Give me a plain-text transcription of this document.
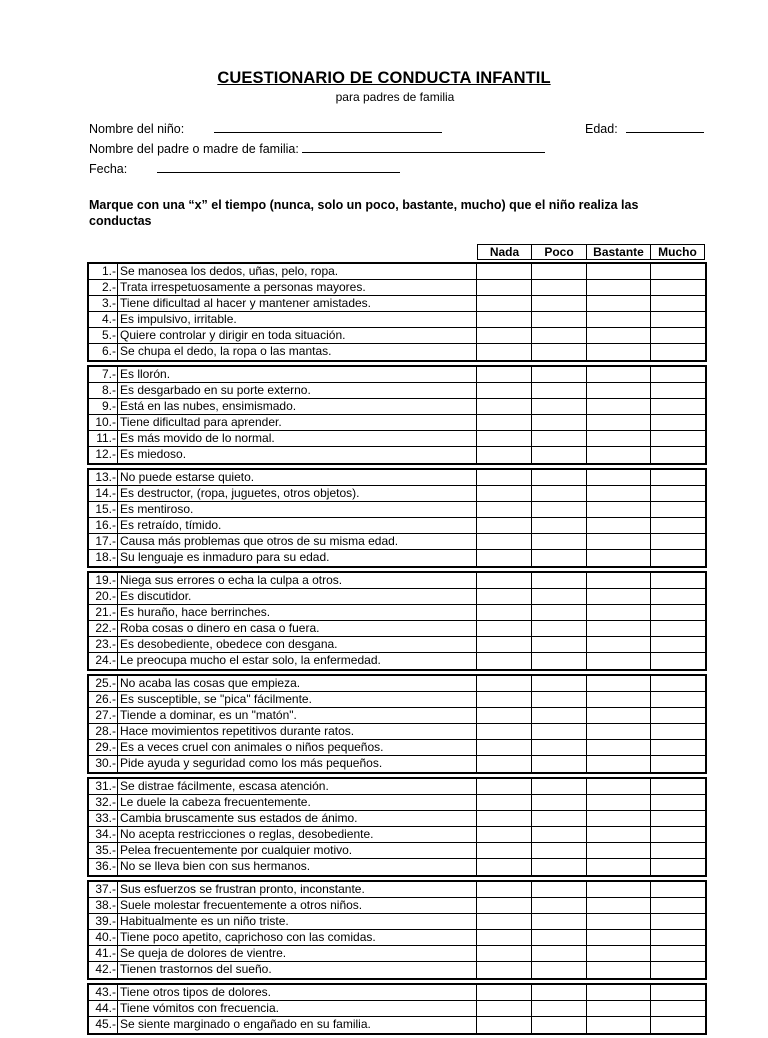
CUESTIONARIO DE CONDUCTA INFANTIL
para padres de familia
Nombre del niño:	Edad:
Nombre del padre o madre de familia:
Fecha:
Marque con una “x” el tiempo (nunca, solo un poco, bastante, mucho) que el niño realiza las conductas
Nada	Poco	Bastante	Mucho
1.- Se manosea los dedos, uñas, pelo, ropa.
2.- Trata irrespetuosamente a personas mayores.
3.- Tiene dificultad al hacer y mantener amistades.
4.- Es impulsivo, irritable.
5.- Quiere controlar y dirigir en toda situación.
6.- Se chupa el dedo, la ropa o las mantas.
7.- Es llorón.
8.- Es desgarbado en su porte externo.
9.- Está en las nubes, ensimismado.
10.- Tiene dificultad para aprender.
11.- Es más movido de lo normal.
12.- Es miedoso.
13.- No puede estarse quieto.
14.- Es destructor, (ropa, juguetes, otros objetos).
15.- Es mentiroso.
16.- Es retraído, tímido.
17.- Causa más problemas que otros de su misma edad.
18.- Su lenguaje es inmaduro para su edad.
19.- Niega sus errores o echa la culpa a otros.
20.- Es discutidor.
21.- Es huraño, hace berrinches.
22.- Roba cosas o dinero en casa o fuera.
23.- Es desobediente, obedece con desgana.
24.- Le preocupa mucho el estar solo, la enfermedad.
25.- No acaba las cosas que empieza.
26.- Es susceptible, se "pica" fácilmente.
27.- Tiende a dominar, es un "matón".
28.- Hace movimientos repetitivos durante ratos.
29.- Es a veces cruel con animales o niños pequeños.
30.- Pide ayuda y seguridad como los más pequeños.
31.- Se distrae fácilmente, escasa atención.
32.- Le duele la cabeza frecuentemente.
33.- Cambia bruscamente sus estados de ánimo.
34.- No acepta restricciones o reglas, desobediente.
35.- Pelea frecuentemente por cualquier motivo.
36.- No se lleva bien con sus hermanos.
37.- Sus esfuerzos se frustran pronto, inconstante.
38.- Suele molestar frecuentemente a otros niños.
39.- Habitualmente es un niño triste.
40.- Tiene poco apetito, caprichoso con las comidas.
41.- Se queja de dolores de vientre.
42.- Tienen trastornos del sueño.
43.- Tiene otros tipos de dolores.
44.- Tiene vómitos con frecuencia.
45.- Se siente marginado o engañado en su familia.
